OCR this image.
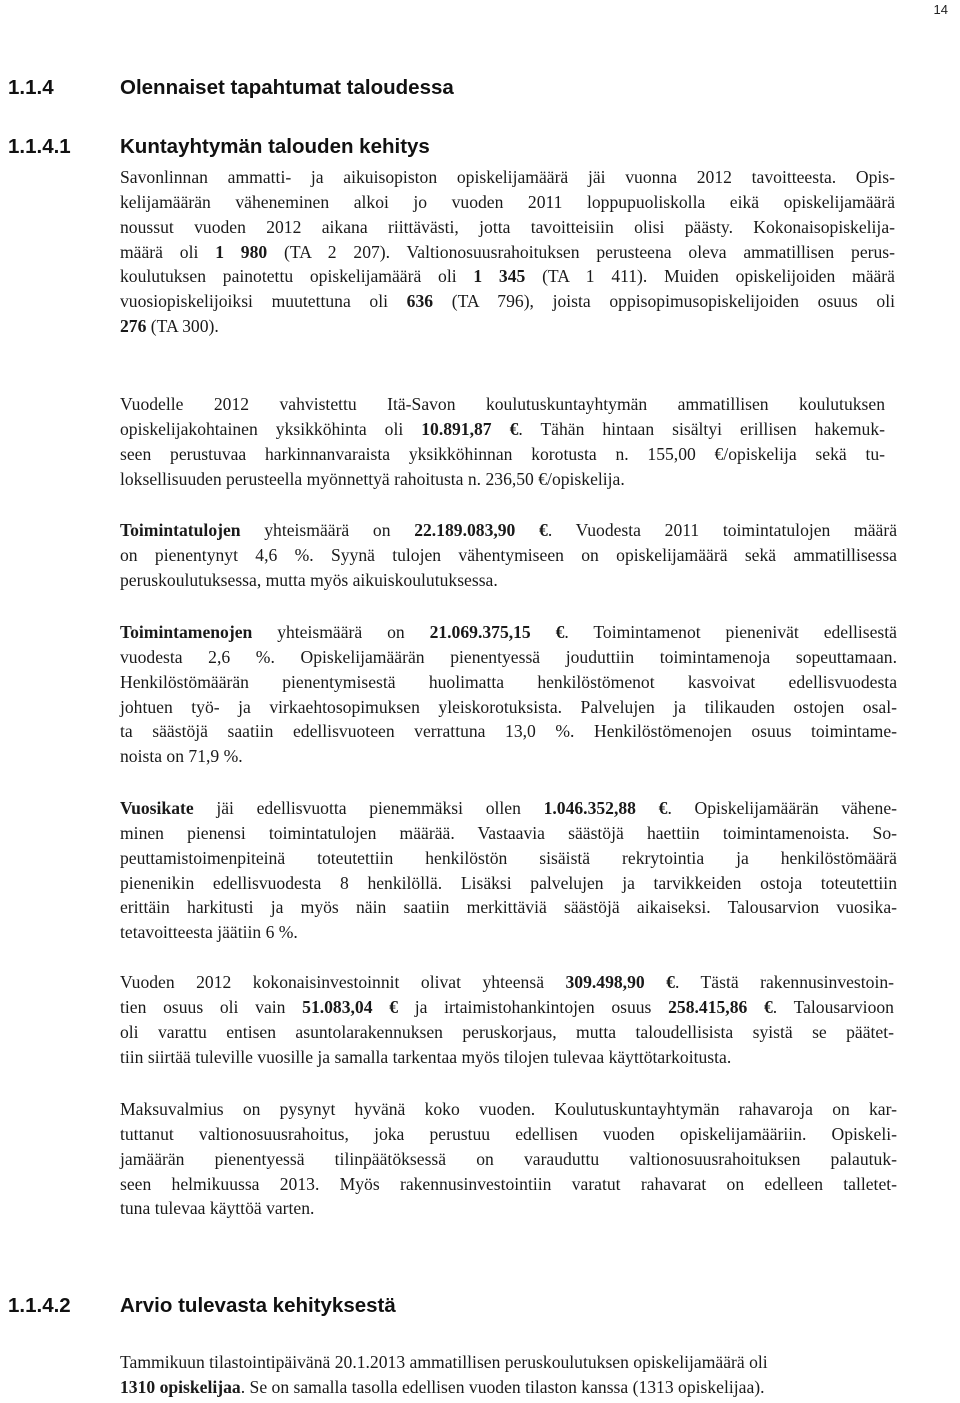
14
1.1.4	Olennaiset tapahtumat taloudessa
1.1.4.1 Kuntayhtymän talouden kehitys
1.1.4.2 Arvio tulevasta kehityksestä

Savonlinnan ammatti- ja aikuisopiston opiskelijamäärä jäi vuonna 2012 tavoitteesta. Opis-
kelijamäärän väheneminen alkoi jo vuoden 2011 loppupuoliskolla eikä opiskelijamäärä
noussut vuoden 2012 aikana riittävästi, jotta tavoitteisiin olisi päästy. Kokonaisopiskelija-
määrä oli 1 980 (TA 2 207). Valtionosuusrahoituksen perusteena oleva ammatillisen perus-
koulutuksen painotettu opiskelijamäärä oli 1 345 (TA 1 411). Muiden opiskelijoiden määrä
vuosiopiskelijoiksi muutettuna oli 636 (TA 796), joista oppisopimusopiskelijoiden osuus oli
276 (TA 300).

Vuodelle 2012 vahvistettu Itä-Savon koulutuskuntayhtymän ammatillisen koulutuksen
opiskelijakohtainen yksikköhinta oli 10.891,87 €. Tähän hintaan sisältyi erillisen hakemuk-
seen perustuvaa harkinnanvaraista yksikköhinnan korotusta n. 155,00 €/opiskelija sekä tu-
loksellisuuden perusteella myönnettyä rahoitusta n. 236,50 €/opiskelija.

Toimintatulojen yhteismäärä on 22.189.083,90 €. Vuodesta 2011 toimintatulojen määrä
on pienentynyt 4,6 %. Syynä tulojen vähentymiseen on opiskelijamäärä sekä ammatillisessa
peruskoulutuksessa, mutta myös aikuiskoulutuksessa.

Toimintamenojen yhteismäärä on 21.069.375,15 €. Toimintamenot pienenivät edellisestä
vuodesta 2,6 %. Opiskelijamäärän pienentyessä jouduttiin toimintamenoja sopeuttamaan.
Henkilöstömäärän pienentymisestä huolimatta henkilöstömenot kasvoivat edellisvuodesta
johtuen työ- ja virkaehtosopimuksen yleiskorotuksista. Palvelujen ja tilikauden ostojen osal-
ta säästöjä saatiin edellisvuoteen verrattuna 13,0 %. Henkilöstömenojen osuus toimintame-
noista on 71,9 %.

Vuosikate jäi edellisvuotta pienemmäksi ollen 1.046.352,88 €. Opiskelijamäärän vähene-
minen pienensi toimintatulojen määrää. Vastaavia säästöjä haettiin toimintamenoista. So-
peuttamistoimenpiteinä toteutettiin henkilöstön sisäistä rekrytointia ja henkilöstömäärä
pienenikin edellisvuodesta 8 henkilöllä. Lisäksi palvelujen ja tarvikkeiden ostoja toteutettiin
erittäin harkitusti ja myös näin saatiin merkittäviä säästöjä aikaiseksi. Talousarvion vuosika-
tetavoitteesta jäätiin 6 %.

Vuoden 2012 kokonaisinvestoinnit olivat yhteensä 309.498,90 €. Tästä rakennusinvestoin-
tien osuus oli vain 51.083,04 € ja irtaimistohankintojen osuus 258.415,86 €. Talousarvioon
oli varattu entisen asuntolarakennuksen peruskorjaus, mutta taloudellisista syistä se päätet-
tiin siirtää tuleville vuosille ja samalla tarkentaa myös tilojen tulevaa käyttötarkoitusta.

Maksuvalmius on pysynyt hyvänä koko vuoden. Koulutuskuntayhtymän rahavaroja on kar-
tuttanut valtionosuusrahoitus, joka perustuu edellisen vuoden opiskelijamääriin. Opiskeli-
jamäärän pienentyessä tilinpäätöksessä on varauduttu valtionosuusrahoituksen palautuk-
seen helmikuussa 2013. Myös rakennusinvestointiin varatut rahavarat on edelleen talletet-
tuna tulevaa käyttöä varten.

Tammikuun tilastointipäivänä 20.1.2013 ammatillisen peruskoulutuksen opiskelijamäärä oli
1310 opiskelijaa. Se on samalla tasolla edellisen vuoden tilaston kanssa (1313 opiskelijaa).
